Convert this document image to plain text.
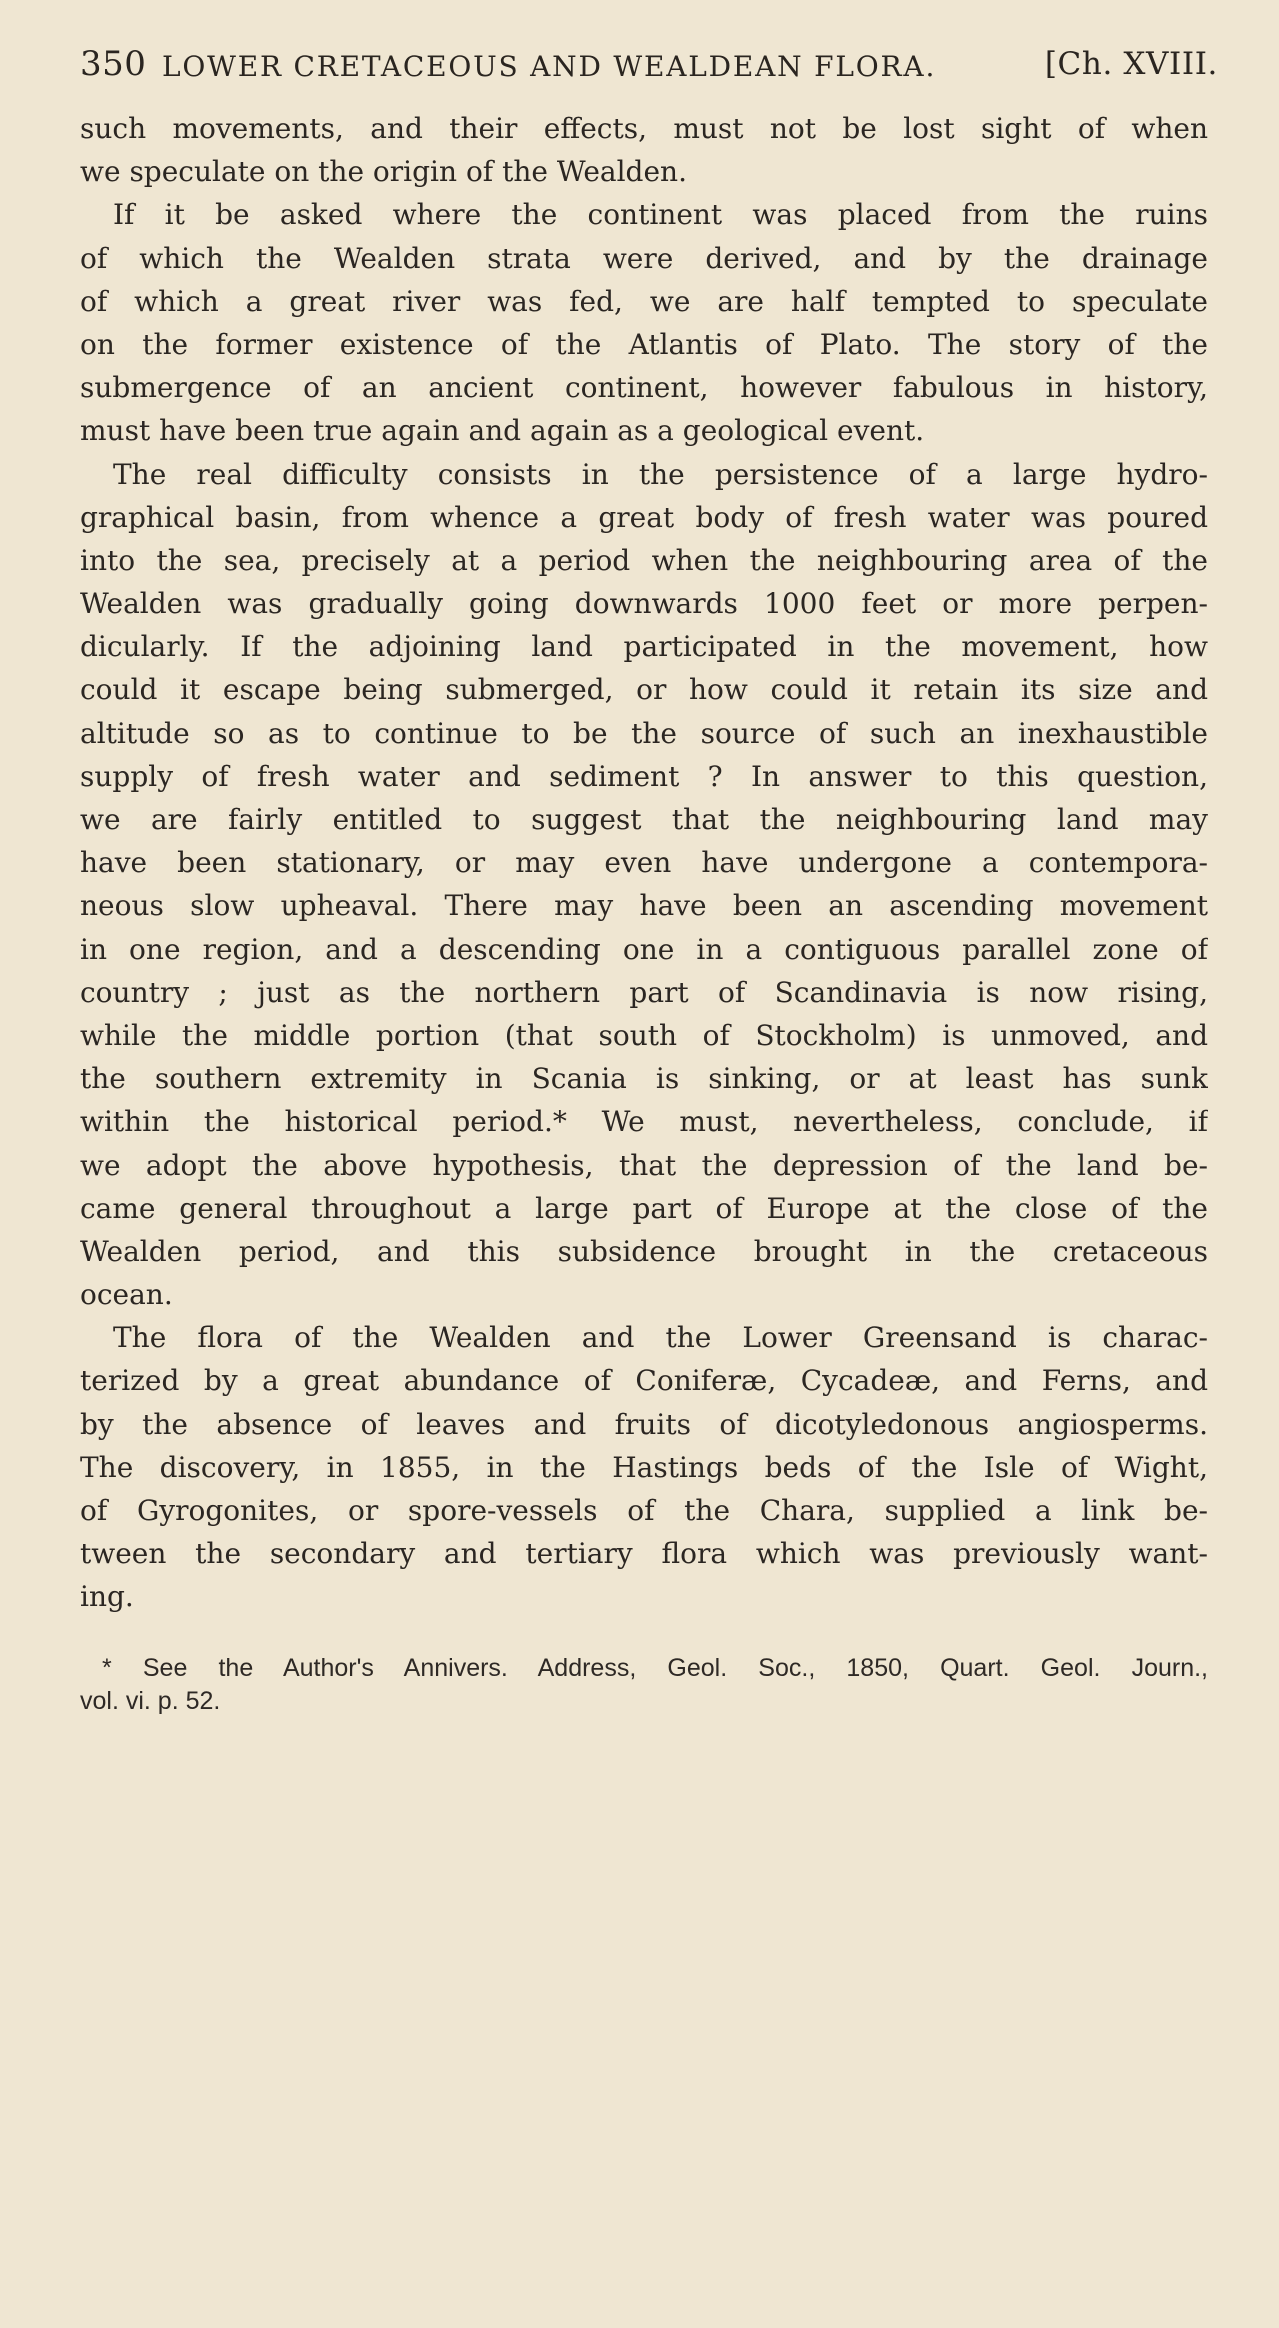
350 LOWER CRETACEOUS AND WEALDEAN FLORA.	[Ch. XVIII.
such movements, and their effects, must not be lost sight of when
we speculate on the origin of the Wealden.
If it be asked where the continent was placed from the ruins
of which the Wealden strata were derived, and by the drainage
of which a great river was fed, we are half tempted to speculate
on the former existence of the Atlantis of Plato. The story of the
submergence of an ancient continent, however fabulous in history,
must have been true again and again as a geological event.
The real difficulty consists in the persistence of a large hydro-
graphical basin, from whence a great body of fresh water was poured
into the sea, precisely at a period when the neighbouring area of the
Wealden was gradually going downwards 1000 feet or more perpen-
dicularly. If the adjoining land participated in the movement, how
could it escape being submerged, or how could it retain its size and
altitude so as to continue to be the source of such an inexhaustible
supply of fresh water and sediment ? In answer to this question,
we are fairly entitled to suggest that the neighbouring land may
have been stationary, or may even have undergone a contempora-
neous slow upheaval. There may have been an ascending movement
in one region, and a descending one in a contiguous parallel zone of
country ; just as the northern part of Scandinavia is now rising,
while the middle portion (that south of Stockholm) is unmoved, and
the southern extremity in Scania is sinking, or at least has sunk
within the historical period.* We must, nevertheless, conclude, if
we adopt the above hypothesis, that the depression of the land be-
came general throughout a large part of Europe at the close of the
Wealden period, and this subsidence brought in the cretaceous
ocean.
The flora of the Wealden and the Lower Greensand is charac-
terized by a great abundance of Coniferæ, Cycadeæ, and Ferns, and
by the absence of leaves and fruits of dicotyledonous angiosperms.
The discovery, in 1855, in the Hastings beds of the Isle of Wight,
of Gyrogonites, or spore-vessels of the Chara, supplied a link be-
tween the secondary and tertiary flora which was previously want-
ing.
* See the Author's Annivers. Address, Geol. Soc., 1850, Quart. Geol. Journ.,
vol. vi. p. 52.
